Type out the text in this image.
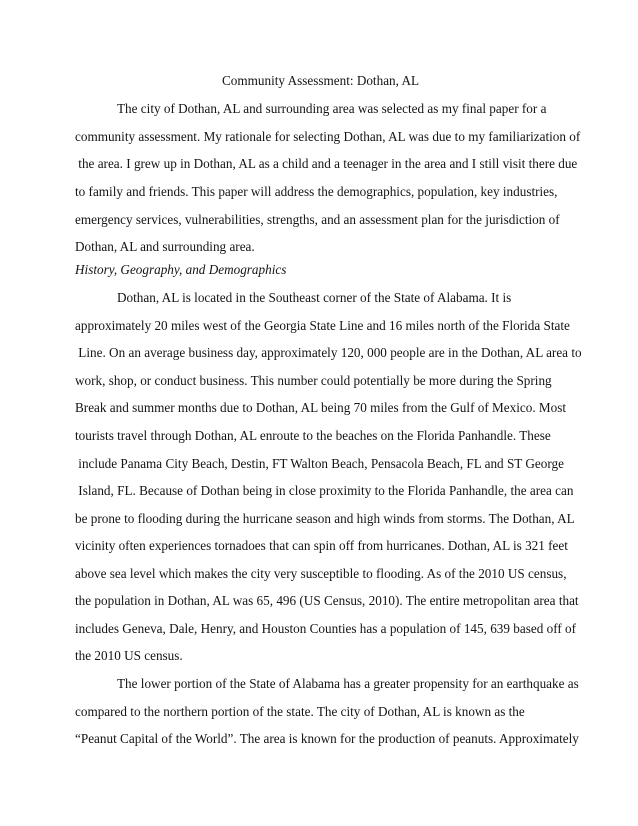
Community Assessment: Dothan, AL
The city of Dothan, AL and surrounding area was selected as my final paper for a
community assessment. My rationale for selecting Dothan, AL was due to my familiarization of
the area. I grew up in Dothan, AL as a child and a teenager in the area and I still visit there due
to family and friends. This paper will address the demographics, population, key industries,
emergency services, vulnerabilities, strengths, and an assessment plan for the jurisdiction of
Dothan, AL and surrounding area.
History, Geography, and Demographics
Dothan, AL is located in the Southeast corner of the State of Alabama. It is
approximately 20 miles west of the Georgia State Line and 16 miles north of the Florida State
Line. On an average business day, approximately 120, 000 people are in the Dothan, AL area to
work, shop, or conduct business. This number could potentially be more during the Spring
Break and summer months due to Dothan, AL being 70 miles from the Gulf of Mexico. Most
tourists travel through Dothan, AL enroute to the beaches on the Florida Panhandle. These
include Panama City Beach, Destin, FT Walton Beach, Pensacola Beach, FL and ST George
Island, FL. Because of Dothan being in close proximity to the Florida Panhandle, the area can
be prone to flooding during the hurricane season and high winds from storms. The Dothan, AL
vicinity often experiences tornadoes that can spin off from hurricanes. Dothan, AL is 321 feet
above sea level which makes the city very susceptible to flooding. As of the 2010 US census,
the population in Dothan, AL was 65, 496 (US Census, 2010). The entire metropolitan area that
includes Geneva, Dale, Henry, and Houston Counties has a population of 145, 639 based off of
the 2010 US census.
The lower portion of the State of Alabama has a greater propensity for an earthquake as
compared to the northern portion of the state. The city of Dothan, AL is known as the
“Peanut Capital of the World”. The area is known for the production of peanuts. Approximately
